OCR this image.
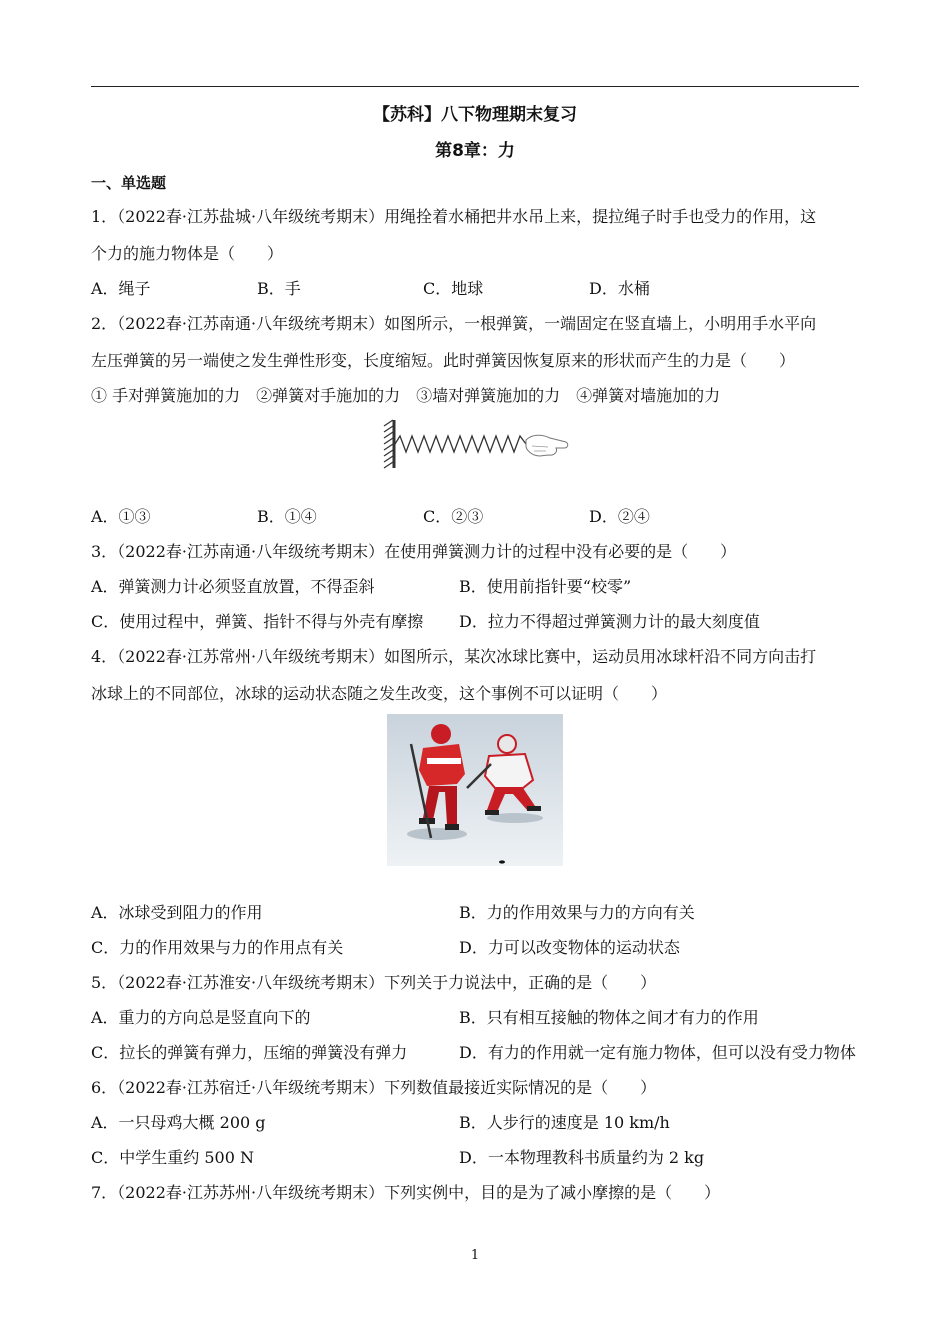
【苏科】八下物理期末复习
第8章：力
一、单选题
1．（2022春·江苏盐城·八年级统考期末）用绳拴着水桶把井水吊上来，提拉绳子时手也受力的作用，这
个力的施力物体是（　　）
A．绳子	B．手	C．地球	D．水桶
2．（2022春·江苏南通·八年级统考期末）如图所示，一根弹簧，一端固定在竖直墙上，小明用手水平向
左压弹簧的另一端使之发生弹性形变，长度缩短。此时弹簧因恢复原来的形状而产生的力是（　　）
① 手对弹簧施加的力　②弹簧对手施加的力　③墙对弹簧施加的力　④弹簧对墙施加的力
A．①③	B．①④	C．②③	D．②④
3．（2022春·江苏南通·八年级统考期末）在使用弹簧测力计的过程中没有必要的是（　　）
A．弹簧测力计必须竖直放置，不得歪斜	B．使用前指针要“校零”
C．使用过程中，弹簧、指针不得与外壳有摩擦 D．拉力不得超过弹簧测力计的最大刻度值
4．（2022春·江苏常州·八年级统考期末）如图所示，某次冰球比赛中，运动员用冰球杆沿不同方向击打
冰球上的不同部位，冰球的运动状态随之发生改变，这个事例不可以证明（　　）
A．冰球受到阻力的作用	B．力的作用效果与力的方向有关
C．力的作用效果与力的作用点有关	D．力可以改变物体的运动状态
5．（2022春·江苏淮安·八年级统考期末）下列关于力说法中，正确的是（　　）
A．重力的方向总是竖直向下的	B．只有相互接触的物体之间才有力的作用
C．拉长的弹簧有弹力，压缩的弹簧没有弹力	D．有力的作用就一定有施力物体，但可以没有受力物体
6．（2022春·江苏宿迁·八年级统考期末）下列数值最接近实际情况的是（　　）
A．一只母鸡大概 200 g	B．人步行的速度是 10 km/h
C．中学生重约 500 N	D．一本物理教科书质量约为 2 kg
7．（2022春·江苏苏州·八年级统考期末）下列实例中，目的是为了减小摩擦的是（　　）
1
